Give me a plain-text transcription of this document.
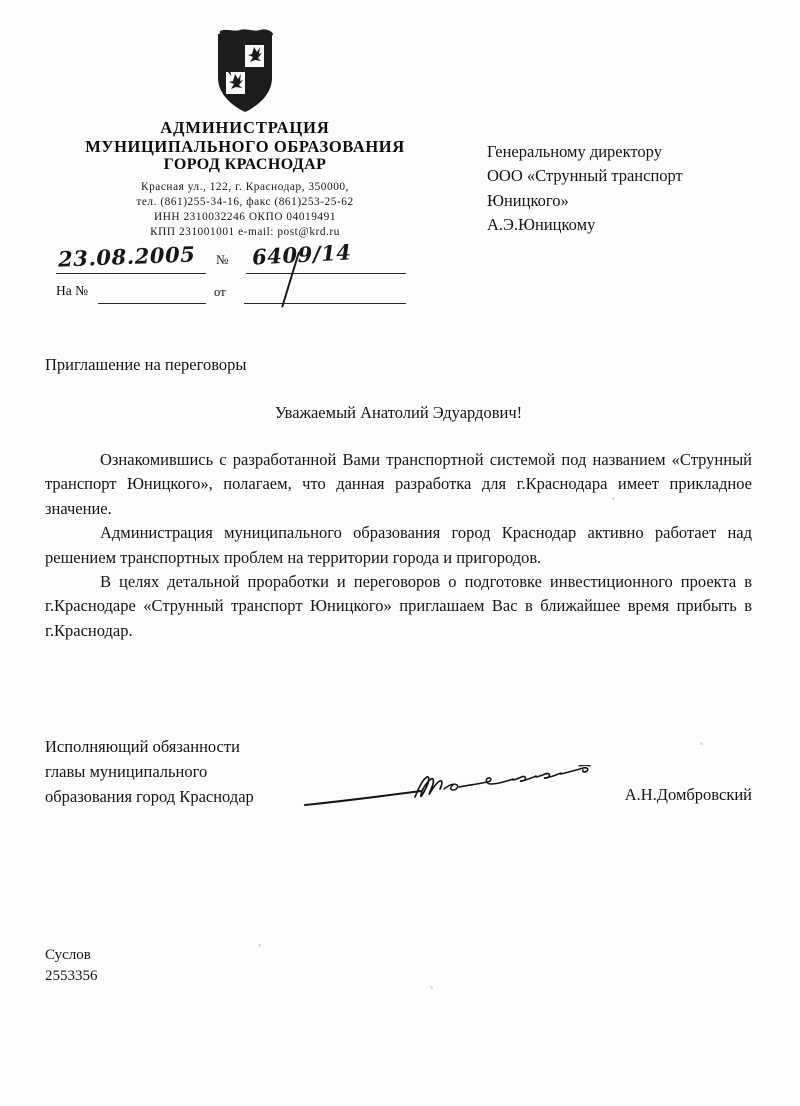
АДМИНИСТРАЦИЯ
МУНИЦИПАЛЬНОГО ОБРАЗОВАНИЯ
ГОРОД КРАСНОДАР
Красная ул., 122, г. Краснодар, 350000,
тел. (861)255-34-16, факс (861)253-25-62
ИНН 2310032246 ОКПО 04019491
КПП 231001001 e-mail: post@krd.ru
23.08.2005 № 6409/14
На №	от
Генеральному директору
ООО «Струнный транспорт
Юницкого»
А.Э.Юницкому
Приглашение на переговоры
Уважаемый Анатолий Эдуардович!

Ознакомившись с разработанной Вами транспортной системой под названием «Струнный транспорт Юницкого», полагаем, что данная разработка для г.Краснодара имеет прикладное значение.

Администрация муниципального образования город Краснодар активно работает над решением транспортных проблем на территории города и пригородов.

В целях детальной проработки и переговоров о подготовке инвестиционного проекта в г.Краснодаре «Струнный транспорт Юницкого» приглашаем Вас в ближайшее время прибыть в г.Краснодар.

Исполняющий обязанности
главы муниципального
образования город Краснодар	А.Н.Домбровский
Суслов
2553356
